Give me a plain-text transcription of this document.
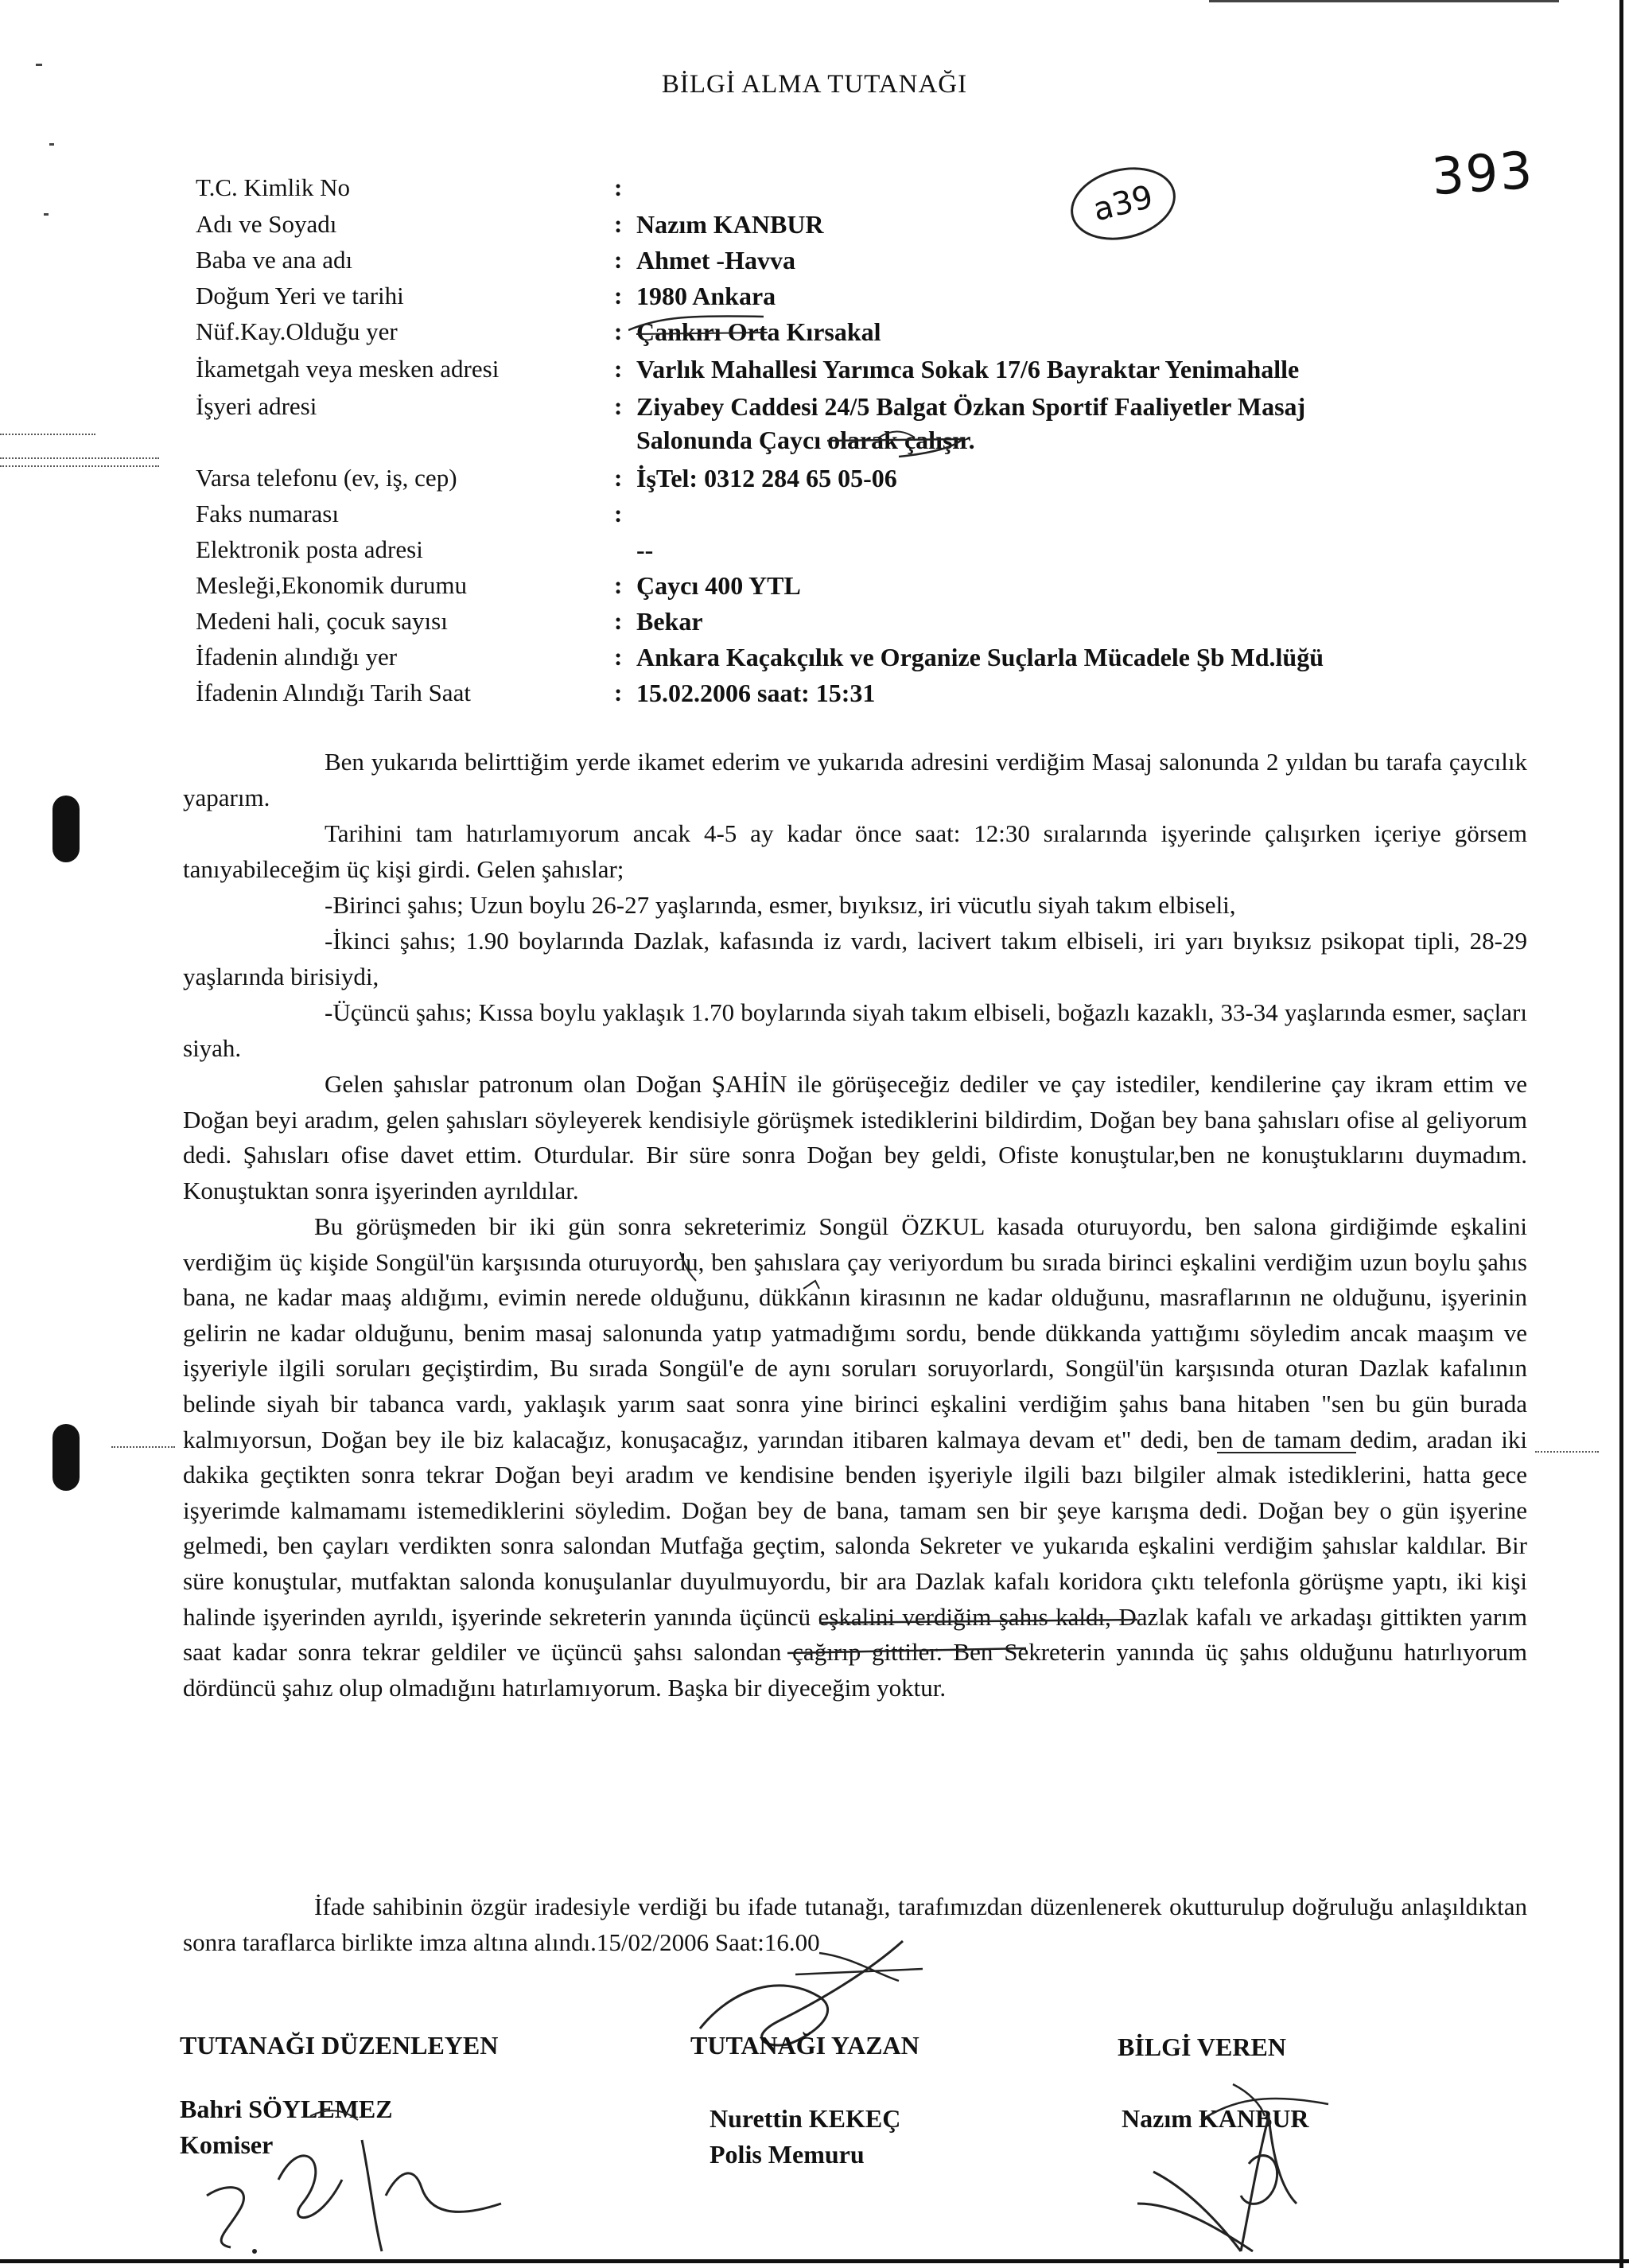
BİLGİ ALMA TUTANAĞI
a39	393
T.C. Kimlik No	:
Adı ve Soyadı	: Nazım KANBUR
Baba ve ana adı	: Ahmet -Havva
Doğum Yeri ve tarihi	: 1980 Ankara
Nüf.Kay.Olduğu yer	: Çankırı Orta Kırsakal
İkametgah veya mesken adresi	: Varlık Mahallesi Yarımca Sokak 17/6 Bayraktar Yenimahalle
İşyeri adresi	: Ziyabey Caddesi 24/5 Balgat Özkan Sportif Faaliyetler Masaj
Salonunda Çaycı olarak çalışır.
Varsa telefonu (ev, iş, cep)	: İşTel: 0312 284 65 05-06
Faks numarası	:
Elektronik posta adresi	--
Mesleği,Ekonomik durumu	: Çaycı 400 YTL
Medeni hali, çocuk sayısı	: Bekar
İfadenin alındığı yer	: Ankara Kaçakçılık ve Organize Suçlarla Mücadele Şb Md.lüğü
İfadenin Alındığı Tarih Saat	: 15.02.2006 saat: 15:31

Ben yukarıda belirttiğim yerde ikamet ederim ve yukarıda adresini verdiğim Masaj salonunda 2 yıldan bu tarafa çaycılık yaparım.

Tarihini tam hatırlamıyorum ancak 4-5 ay kadar önce saat: 12:30 sıralarında işyerinde çalışırken içeriye görsem tanıyabileceğim üç kişi girdi. Gelen şahıslar;

-Birinci şahıs; Uzun boylu 26-27 yaşlarında, esmer, bıyıksız, iri vücutlu siyah takım elbiseli,

-İkinci şahıs; 1.90 boylarında Dazlak, kafasında iz vardı, lacivert takım elbiseli, iri yarı bıyıksız psikopat tipli, 28-29 yaşlarında birisiydi,

-Üçüncü şahıs; Kıssa boylu yaklaşık 1.70 boylarında siyah takım elbiseli, boğazlı kazaklı, 33-34 yaşlarında esmer, saçları siyah.

Gelen şahıslar patronum olan Doğan ŞAHİN ile görüşeceğiz dediler ve çay istediler, kendilerine çay ikram ettim ve Doğan beyi aradım, gelen şahısları söyleyerek kendisiyle görüşmek istediklerini bildirdim, Doğan bey bana şahısları ofise al geliyorum dedi. Şahısları ofise davet ettim. Oturdular. Bir süre sonra Doğan bey geldi, Ofiste konuştular,ben ne konuştuklarını duymadım. Konuştuktan sonra işyerinden ayrıldılar.

Bu görüşmeden bir iki gün sonra sekreterimiz Songül ÖZKUL kasada oturuyordu, ben salona girdiğimde eşkalini verdiğim üç kişide Songül'ün karşısında oturuyordu, ben şahıslara çay veriyordum bu sırada birinci eşkalini verdiğim uzun boylu şahıs bana, ne kadar maaş aldığımı, evimin nerede olduğunu, dükkanın kirasının ne kadar olduğunu, masraflarının ne olduğunu, işyerinin gelirin ne kadar olduğunu, benim masaj salonunda yatıp yatmadığımı sordu, bende dükkanda yattığımı söyledim ancak maaşım ve işyeriyle ilgili soruları geçiştirdim, Bu sırada Songül'e de aynı soruları soruyorlardı, Songül'ün karşısında oturan Dazlak kafalının belinde siyah bir tabanca vardı, yaklaşık yarım saat sonra yine birinci eşkalini verdiğim şahıs bana hitaben "sen bu gün burada kalmıyorsun, Doğan bey ile biz kalacağız, konuşacağız, yarından itibaren kalmaya devam et" dedi, ben de tamam dedim, aradan iki dakika geçtikten sonra tekrar Doğan beyi aradım ve kendisine benden işyeriyle ilgili bazı bilgiler almak istediklerini, hatta gece işyerimde kalmamamı istemediklerini söyledim. Doğan bey de bana, tamam sen bir şeye karışma dedi. Doğan bey o gün işyerine gelmedi, ben çayları verdikten sonra salondan Mutfağa geçtim, salonda Sekreter ve yukarıda eşkalini verdiğim şahıslar kaldılar. Bir süre konuştular, mutfaktan salonda konuşulanlar duyulmuyordu, bir ara Dazlak kafalı koridora çıktı telefonla görüşme yaptı, iki kişi halinde işyerinden ayrıldı, işyerinde sekreterin yanında üçüncü eşkalini verdiğim şahıs kaldı, Dazlak kafalı ve arkadaşı gittikten yarım saat kadar sonra tekrar geldiler ve üçüncü şahsı salondan çağırıp gittiler. Ben Sekreterin yanında üç şahıs olduğunu hatırlıyorum dördüncü şahız olup olmadığını hatırlamıyorum. Başka bir diyeceğim yoktur.

İfade sahibinin özgür iradesiyle verdiği bu ifade tutanağı, tarafımızdan düzenlenerek okutturulup doğruluğu anlaşıldıktan sonra taraflarca birlikte imza altına alındı.15/02/2006 Saat:16.00

TUTANAĞI DÜZENLEYEN	TUTANAĞI YAZAN	BİLGİ VEREN
Bahri SÖYLEMEZ
Komiser
Nurettin KEKEÇ
Polis Memuru
Nazım KANBUR
